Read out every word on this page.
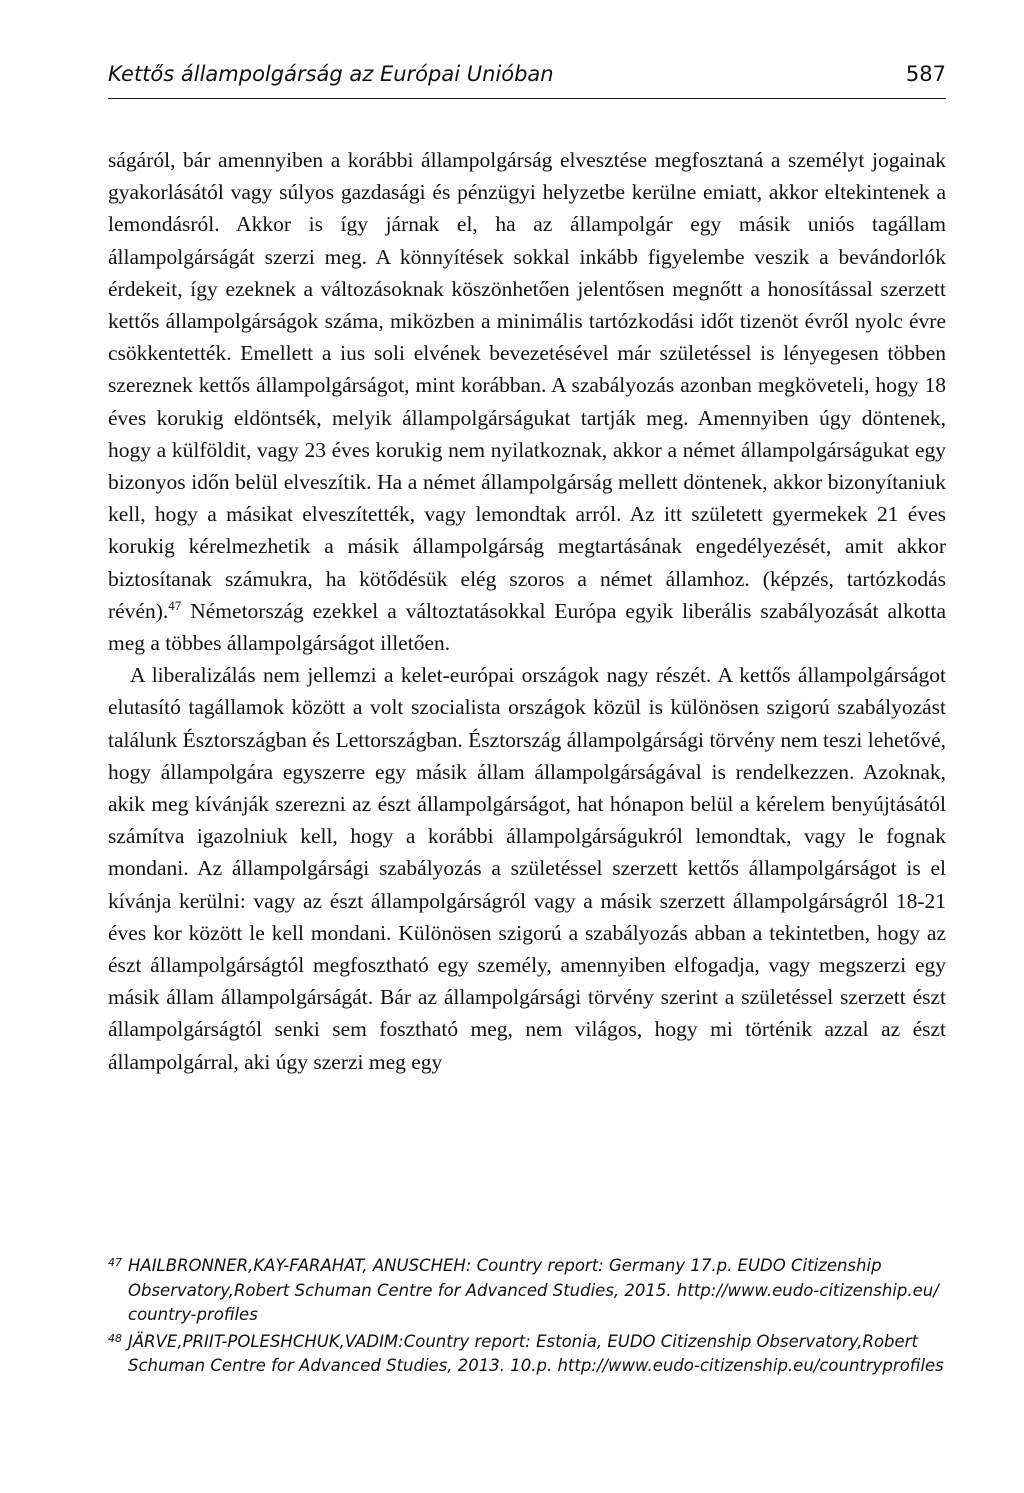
Kettős állampolgárság az Európai Unióban	587

ságáról, bár amennyiben a korábbi állampolgárság elvesztése megfosztaná a személyt jogainak gyakorlásától vagy súlyos gazdasági és pénzügyi helyzetbe kerülne emiatt, akkor eltekintenek a lemondásról. Akkor is így járnak el, ha az állampolgár egy másik uniós tagállam állampolgárságát szerzi meg. A könnyítések sokkal inkább figyelembe veszik a bevándorlók érdekeit, így ezeknek a változásoknak köszönhetően jelentősen megnőtt a honosítással szerzett kettős állampolgárságok száma, miközben a minimális tartózkodási időt tizenöt évről nyolc évre csökkentették. Emellett a ius soli elvének bevezetésével már születéssel is lényegesen többen szereznek kettős állampolgárságot, mint korábban. A szabályozás azonban megköveteli, hogy 18 éves korukig eldöntsék, melyik állampolgárságukat tartják meg. Amennyiben úgy döntenek, hogy a külföldit, vagy 23 éves korukig nem nyilatkoznak, akkor a német állampolgárságukat egy bizonyos időn belül elveszítik. Ha a német állampolgárság mellett döntenek, akkor bizonyítaniuk kell, hogy a másikat elveszítették, vagy lemondtak arról. Az itt született gyermekek 21 éves korukig kérelmezhetik a másik állampolgárság megtartásának engedélyezését, amit akkor biztosítanak számukra, ha kötődésük elég szoros a német államhoz. (képzés, tartózkodás révén).$^{47}$ Németország ezekkel a változtatásokkal Európa egyik liberális szabályozását alkotta meg a többes állampolgárságot illetően.

A liberalizálás nem jellemzi a kelet-európai országok nagy részét. A kettős állampolgárságot elutasító tagállamok között a volt szocialista országok közül is különösen szigorú szabályozást találunk Észtországban és Lettországban. Észtország állampolgársági törvény nem teszi lehetővé, hogy állampolgára egyszerre egy másik állam állampolgárságával is rendelkezzen. Azoknak, akik meg kívánják szerezni az észt állampolgárságot, hat hónapon belül a kérelem benyújtásától számítva igazolniuk kell, hogy a korábbi állampolgárságukról lemondtak, vagy le fognak mondani. Az állampolgársági szabályozás a születéssel szerzett kettős állampolgárságot is el kívánja kerülni: vagy az észt állampolgárságról vagy a másik szerzett állampolgárságról 18-21 éves kor között le kell mondani. Különösen szigorú a szabályozás abban a tekintetben, hogy az észt állampolgárságtól megfosztható egy személy, amennyiben elfogadja, vagy megszerzi egy másik állam állampolgárságát. Bár az állampolgársági törvény szerint a születéssel szerzett észt állampolgárságtól senki sem fosztható meg, nem világos, hogy mi történik azzal az észt állampolgárral, aki úgy szerzi meg egy

47 HAILBRONNER,KAY-FARAHAT, ANUSCHEH: Country report: Germany 17.p. EUDO Citizenship Observatory,Robert Schuman Centre for Advanced Studies, 2015. http://www.eudo-citizenship.eu/ country-profiles
48 JÄRVE,PRIIT-POLESHCHUK,VADIM:Country report: Estonia, EUDO Citizenship Observatory,Robert Schuman Centre for Advanced Studies, 2013. 10.p. http://www.eudo-citizenship.eu/countryprofiles
